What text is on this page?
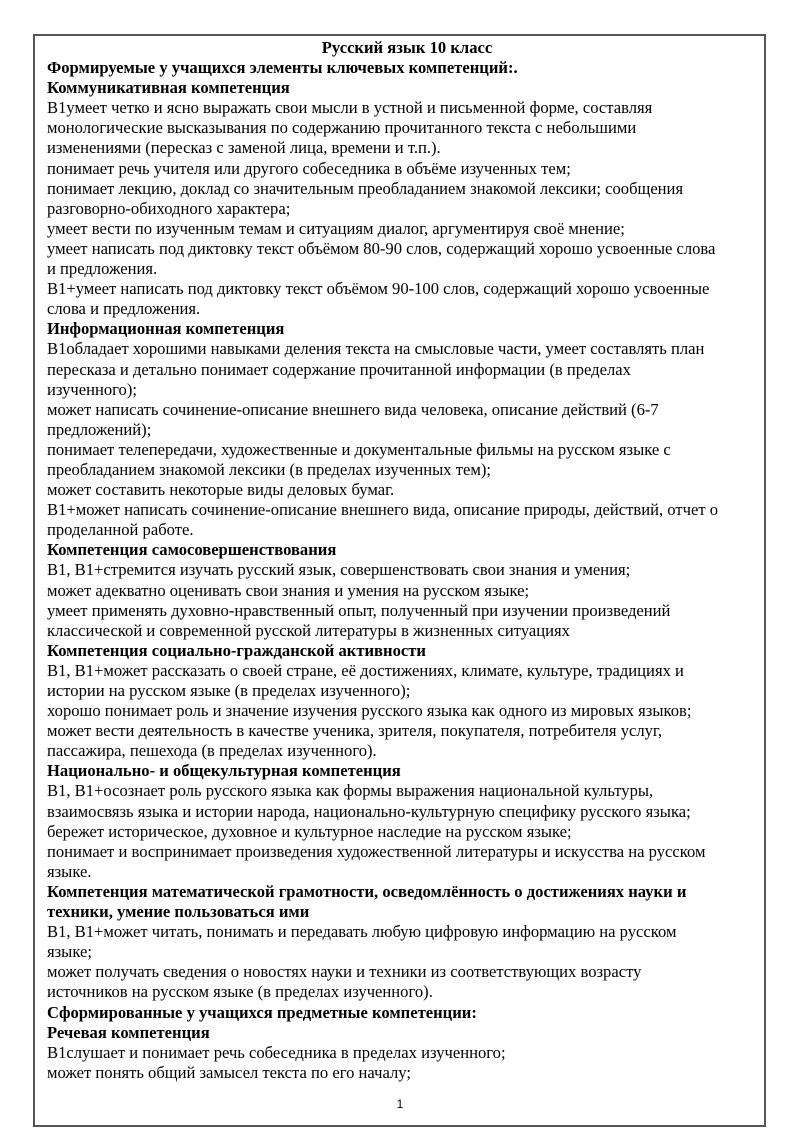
Русский язык 10 класс

Формируемые у учащихся элементы ключевых компетенций:.

Коммуникативная компетенция

В1умеет четко и ясно выражать свои мысли в устной и письменной форме, составляя

монологические высказывания по содержанию прочитанного текста с небольшими

изменениями (пересказ с заменой лица, времени и т.п.).

понимает речь учителя или другого собеседника в объёме изученных тем;

понимает лекцию, доклад со значительным преобладанием знакомой лексики; сообщения

разговорно-обиходного характера;

умеет вести по изученным темам и ситуациям диалог, аргументируя своё мнение;

умеет написать под диктовку текст объёмом 80-90 слов, содержащий хорошо усвоенные слова

и предложения.

В1+умеет написать под диктовку текст объёмом 90-100 слов, содержащий хорошо усвоенные

слова и предложения.

Информационная компетенция

В1обладает хорошими навыками деления текста на смысловые части, умеет составлять план

пересказа и детально понимает содержание прочитанной информации (в пределах

изученного);

может написать сочинение-описание внешнего вида человека, описание действий (6-7

предложений);

понимает телепередачи, художественные и документальные фильмы на русском языке с

преобладанием знакомой лексики (в пределах изученных тем);

может составить некоторые виды деловых бумаг.

В1+может написать сочинение-описание внешнего вида, описание природы, действий, отчет о

проделанной работе.

Компетенция самосовершенствования

В1, В1+стремится изучать русский язык, совершенствовать свои знания и умения;

может адекватно оценивать свои знания и умения на русском языке;

умеет применять духовно-нравственный опыт, полученный при изучении произведений

классической и современной русской литературы в жизненных ситуациях

Компетенция социально-гражданской активности

В1, В1+может рассказать о своей стране, её достижениях, климате, культуре, традициях и

истории на русском языке (в пределах изученного);

хорошо понимает роль и значение изучения русского языка как одного из мировых языков;

может вести деятельность в качестве ученика, зрителя, покупателя, потребителя услуг,

пассажира, пешехода (в пределах изученного).

Национально- и общекультурная компетенция

В1, В1+осознает роль русского языка как формы выражения национальной культуры,

взаимосвязь языка и истории народа, национально-культурную специфику русского языка;

бережет историческое, духовное и культурное наследие на русском языке;

понимает и воспринимает произведения художественной литературы и искусства на русском

языке.

Компетенция математической грамотности, осведомлённость о достижениях науки и

техники, умение пользоваться ими

В1, В1+может читать, понимать и передавать любую цифровую информацию на русском

языке;

может получать сведения о новостях науки и техники из соответствующих возрасту

источников на русском языке (в пределах изученного).

Сформированные у учащихся предметные компетенции:

Речевая компетенция

В1слушает и понимает речь собеседника в пределах изученного;

может понять общий замысел текста по его началу;

1
